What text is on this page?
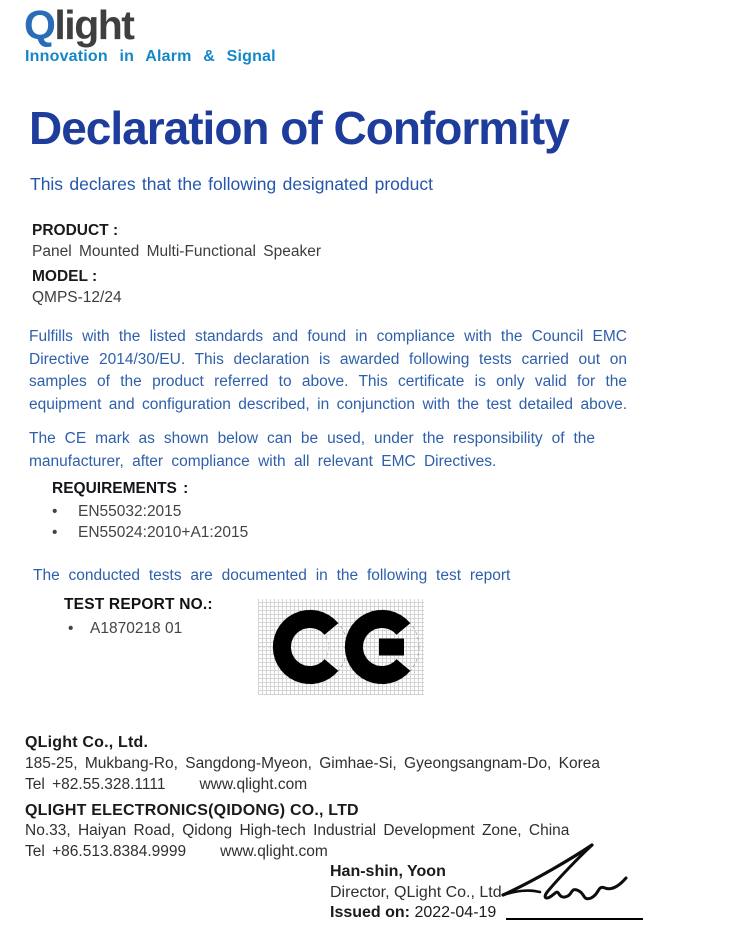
Qlight
Innovation in Alarm & Signal
Declaration of Conformity
This declares that the following designated product
PRODUCT :
Panel Mounted Multi-Functional Speaker
MODEL :
QMPS-12/24
Fulfills with the listed standards and found in compliance with the Council EMC
Directive 2014/30/EU. This declaration is awarded following tests carried out on
samples of the product referred to above. This certificate is only valid for the
equipment and configuration described, in conjunction with the test detailed above.
The CE mark as shown below can be used, under the responsibility of the
manufacturer, after compliance with all relevant EMC Directives.
REQUIREMENTS :
• EN55032:2015
• EN55024:2010+A1:2015
The conducted tests are documented in the following test report
TEST REPORT NO.:
• A1870218 01
QLight Co., Ltd.
185-25, Mukbang-Ro, Sangdong-Myeon, Gimhae-Si, Gyeongsangnam-Do, Korea
Tel +82.55.328.1111 www.qlight.com
QLIGHT ELECTRONICS(QIDONG) CO., LTD
No.33, Haiyan Road, Qidong High-tech Industrial Development Zone, China
Tel +86.513.8384.9999 www.qlight.com
Han-shin, Yoon
Director, QLight Co., Ltd
Issued on: 2022-04-19
